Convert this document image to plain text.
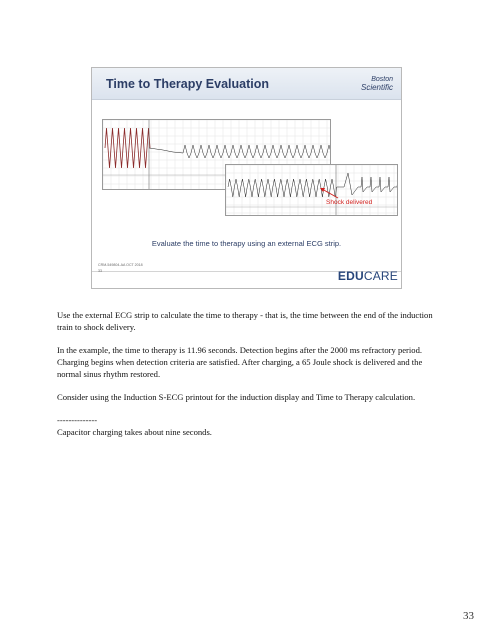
Time to Therapy Evaluation	Boston
Scientific
Shock delivered
Evaluate the time to therapy using an external ECG strip.
CRM-549804-AA OCT 2018
33	EDUCARE

Use the external ECG strip to calculate the time to therapy - that is, the time between the end of the induction train to shock delivery.

In the example, the time to therapy is 11.96 seconds. Detection begins after the 2000 ms refractory period. Charging begins when detection criteria are satisfied. After charging, a 65 Joule shock is delivered and the normal sinus rhythm restored.

Consider using the Induction S-ECG printout for the induction display and Time to Therapy calculation.

--------------

Capacitor charging takes about nine seconds.

33
